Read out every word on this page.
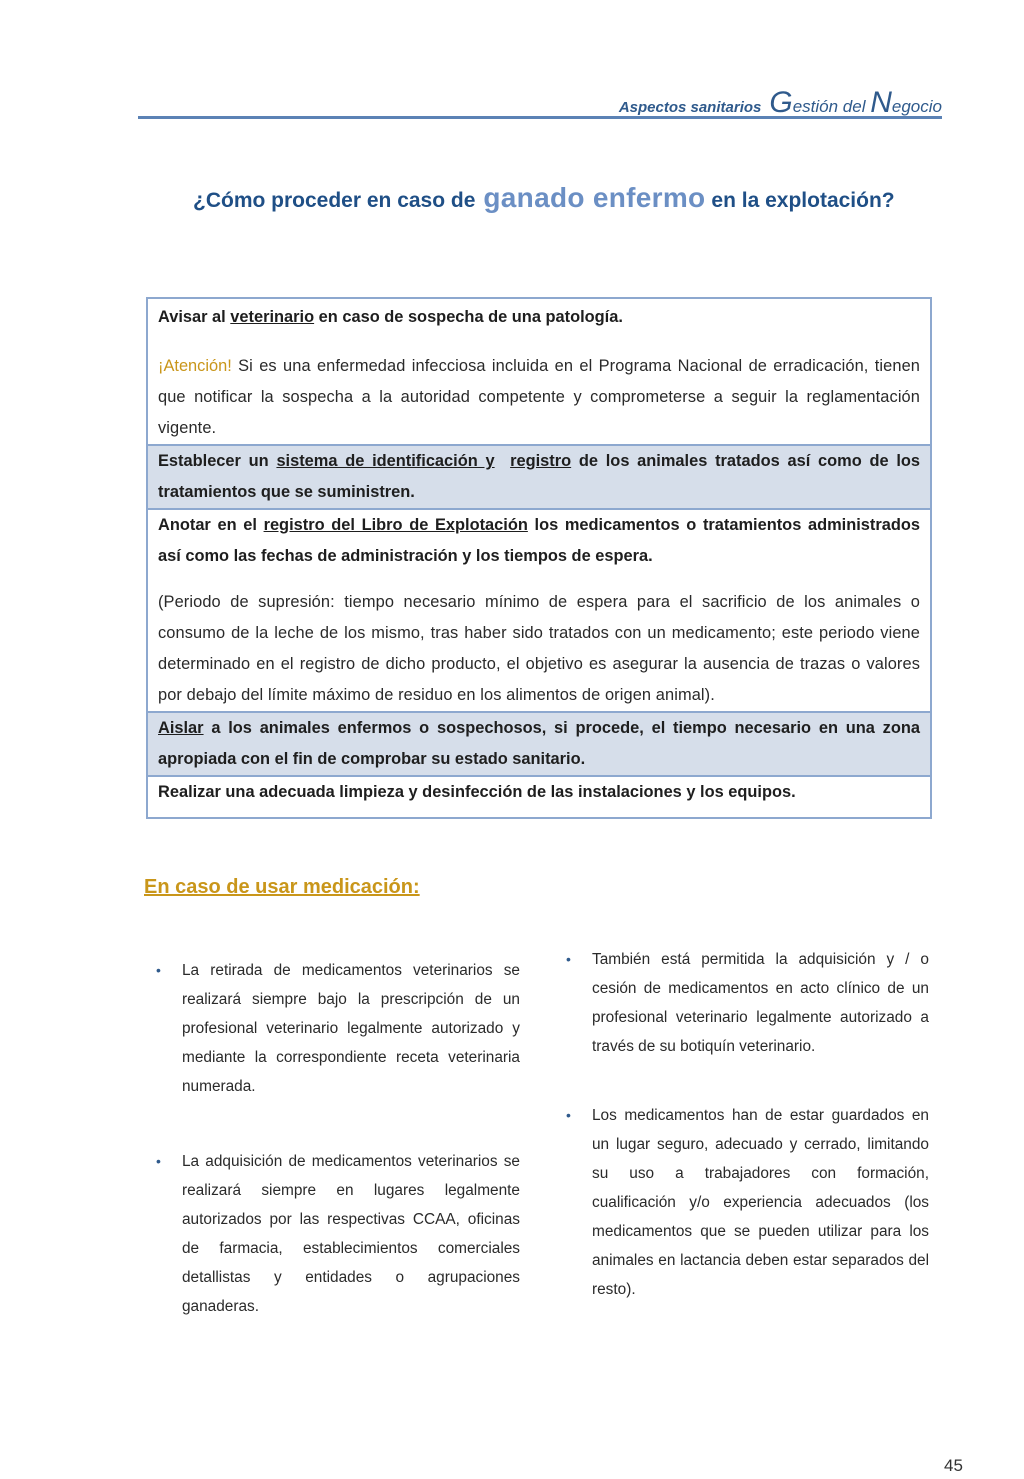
Aspectos sanitarios Gestión del Negocio
¿Cómo proceder en caso de ganado enfermo en la explotación?
Avisar al veterinario en caso de sospecha de una patología.
¡Atención! Si es una enfermedad infecciosa incluida en el Programa Nacional de erradicación, tienen que notificar la sospecha a la autoridad competente y comprometerse a seguir la reglamentación vigente.
Establecer un sistema de identificación y registro de los animales tratados así como de los tratamientos que se suministren.
Anotar en el registro del Libro de Explotación los medicamentos o tratamientos administrados así como las fechas de administración y los tiempos de espera.
(Periodo de supresión: tiempo necesario mínimo de espera para el sacrificio de los animales o consumo de la leche de los mismo, tras haber sido tratados con un medicamento; este periodo viene determinado en el registro de dicho producto, el objetivo es asegurar la ausencia de trazas o valores por debajo del límite máximo de residuo en los alimentos de origen animal).
Aislar a los animales enfermos o sospechosos, si procede, el tiempo necesario en una zona apropiada con el fin de comprobar su estado sanitario.
Realizar una adecuada limpieza y desinfección de las instalaciones y los equipos.
En caso de usar medicación:
• La retirada de medicamentos veterinarios se realizará siempre bajo la prescripción de un profesional veterinario legalmente autorizado y mediante la correspondiente receta veterinaria numerada.
• La adquisición de medicamentos veterinarios se realizará siempre en lugares legalmente autorizados por las respectivas CCAA, oficinas de farmacia, establecimientos comerciales detallistas y entidades o agrupaciones ganaderas.
• También está permitida la adquisición y / o cesión de medicamentos en acto clínico de un profesional veterinario legalmente autorizado a través de su botiquín veterinario.
• Los medicamentos han de estar guardados en un lugar seguro, adecuado y cerrado, limitando su uso a trabajadores con formación, cualificación y/o experiencia adecuados (los medicamentos que se pueden utilizar para los animales en lactancia deben estar separados del resto).
45
